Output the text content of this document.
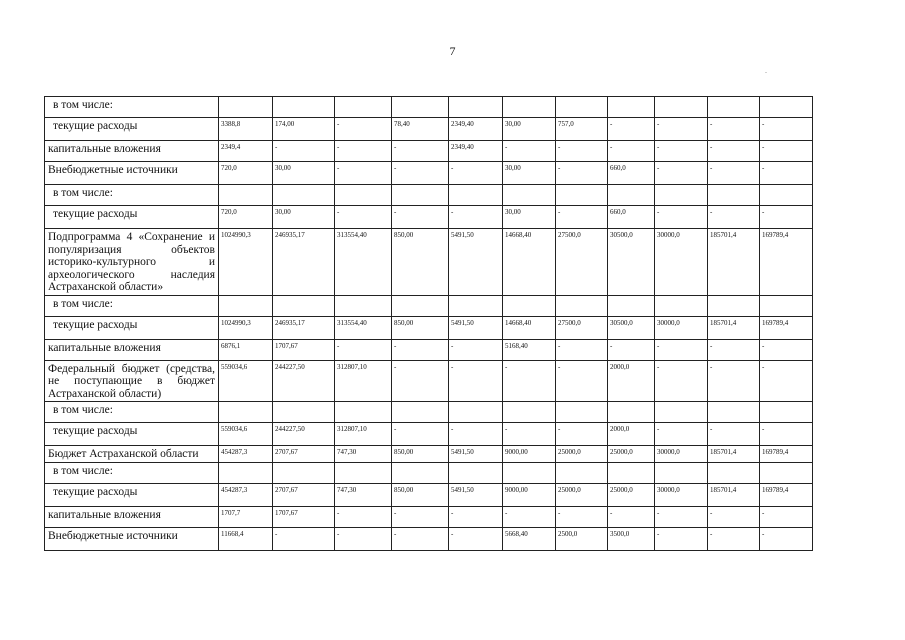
7
.
в том числе:											
текущие расходы	3388,8	174,00	-	78,40	2349,40	30,00	757,0	-	-	-	-
капитальные вложения	2349,4	-	-	-	2349,40	-	-	-	-	-	-
Внебюджетные источники	720,0	30,00	-	-	-	30,00	-	660,0	-	-	-
в том числе:											
текущие расходы	720,0	30,00	-	-	-	30,00	-	660,0	-	-	-
Подпрограмма 4 «Сохранение и популяризация объектов историко-культурного и археологического наследия Астраханской области»	1024990,3	246935,17	313554,40	850,00	5491,50	14668,40	27500,0	30500,0	30000,0	185701,4	169789,4
в том числе:											
текущие расходы	1024990,3	246935,17	313554,40	850,00	5491,50	14668,40	27500,0	30500,0	30000,0	185701,4	169789,4
капитальные вложения	6876,1	1707,67	-	-	-	5168,40	-	-	-	-	-
Федеральный бюджет (средства, не поступающие в бюджет Астраханской области)	559034,6	244227,50	312807,10	-	-	-	-	2000,0	-	-	-
в том числе:											
текущие расходы	559034,6	244227,50	312807,10	-	-	-	-	2000,0	-	-	-
Бюджет Астраханской области	454287,3	2707,67	747,30	850,00	5491,50	9000,00	25000,0	25000,0	30000,0	185701,4	169789,4
в том числе:											
текущие расходы	454287,3	2707,67	747,30	850,00	5491,50	9000,00	25000,0	25000,0	30000,0	185701,4	169789,4
капитальные вложения	1707,7	1707,67	-	-	-	-	-	-	-	-	-
Внебюджетные источники	11668,4	-	-	-	-	5668,40	2500,0	3500,0	-	-	-
